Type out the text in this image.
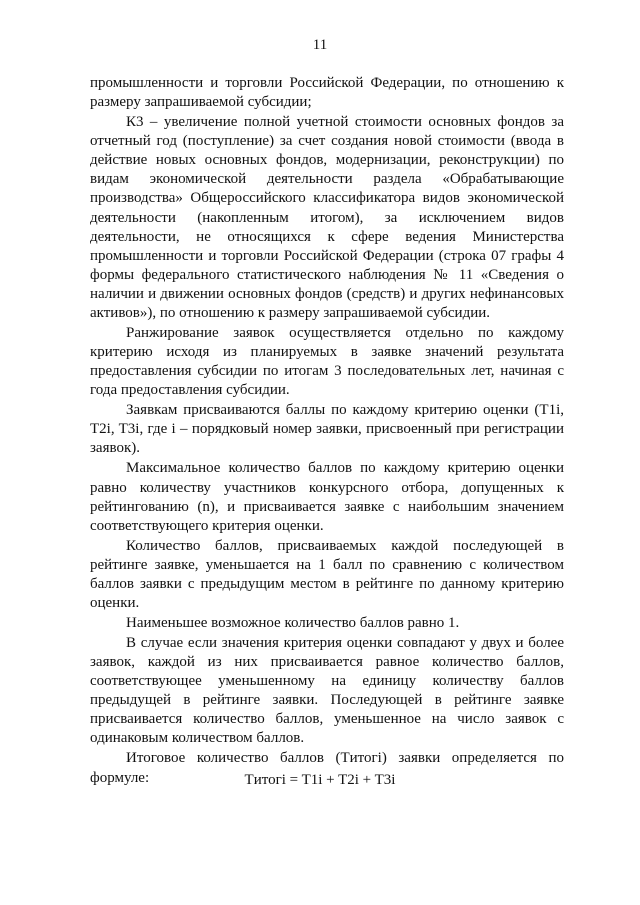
11

промышленности и торговли Российской Федерации, по отношению к размеру запрашиваемой субсидии;

К3 – увеличение полной учетной стоимости основных фондов за отчетный год (поступление) за счет создания новой стоимости (ввода в действие новых основных фондов, модернизации, реконструкции) по видам экономической деятельности раздела «Обрабатывающие производства» Общероссийского классификатора видов экономической деятельности (накопленным итогом), за исключением видов деятельности, не относящихся к сфере ведения Министерства промышленности и торговли Российской Федерации (строка 07 графы 4 формы федерального статистического наблюдения № 11 «Сведения о наличии и движении основных фондов (средств) и других нефинансовых активов»), по отношению к размеру запрашиваемой субсидии.

Ранжирование заявок осуществляется отдельно по каждому критерию исходя из планируемых в заявке значений результата предоставления субсидии по итогам 3 последовательных лет, начиная с года предоставления субсидии.

Заявкам присваиваются баллы по каждому критерию оценки (T1i, T2i, T3i, где i – порядковый номер заявки, присвоенный при регистрации заявок).

Максимальное количество баллов по каждому критерию оценки равно количеству участников конкурсного отбора, допущенных к рейтингованию (n), и присваивается заявке с наибольшим значением соответствующего критерия оценки.

Количество баллов, присваиваемых каждой последующей в рейтинге заявке, уменьшается на 1 балл по сравнению с количеством баллов заявки с предыдущим местом в рейтинге по данному критерию оценки.

Наименьшее возможное количество баллов равно 1.

В случае если значения критерия оценки совпадают у двух и более заявок, каждой из них присваивается равное количество баллов, соответствующее уменьшенному на единицу количеству баллов предыдущей в рейтинге заявки. Последующей в рейтинге заявке присваивается количество баллов, уменьшенное на число заявок с одинаковым количеством баллов.

Итоговое количество баллов (Tитогi) заявки определяется по формуле:	Tитогi = T1i + T2i + T3i
